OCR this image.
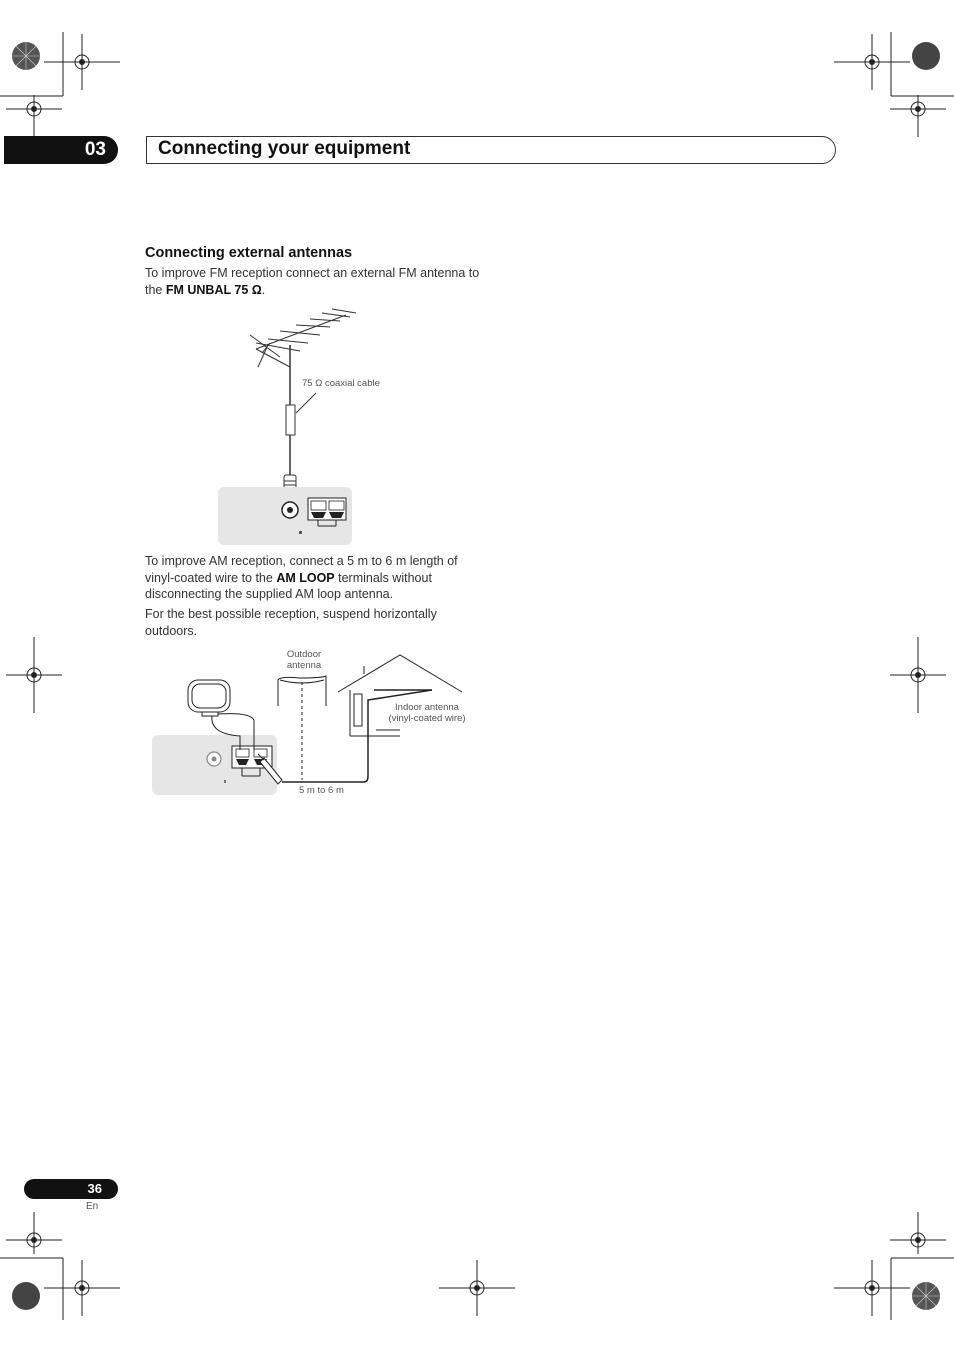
03	Connecting your equipment
Connecting external antennas
To improve FM reception connect an external FM antenna to the FM UNBAL 75 Ω.
75 Ω coaxial cable
To improve AM reception, connect a 5 m to 6 m length of vinyl-coated wire to the AM LOOP terminals without disconnecting the supplied AM loop antenna.
For the best possible reception, suspend horizontally outdoors.
Outdoor
antenna
Indoor antenna
(vinyl-coated wire)
5 m to 6 m
36
En
